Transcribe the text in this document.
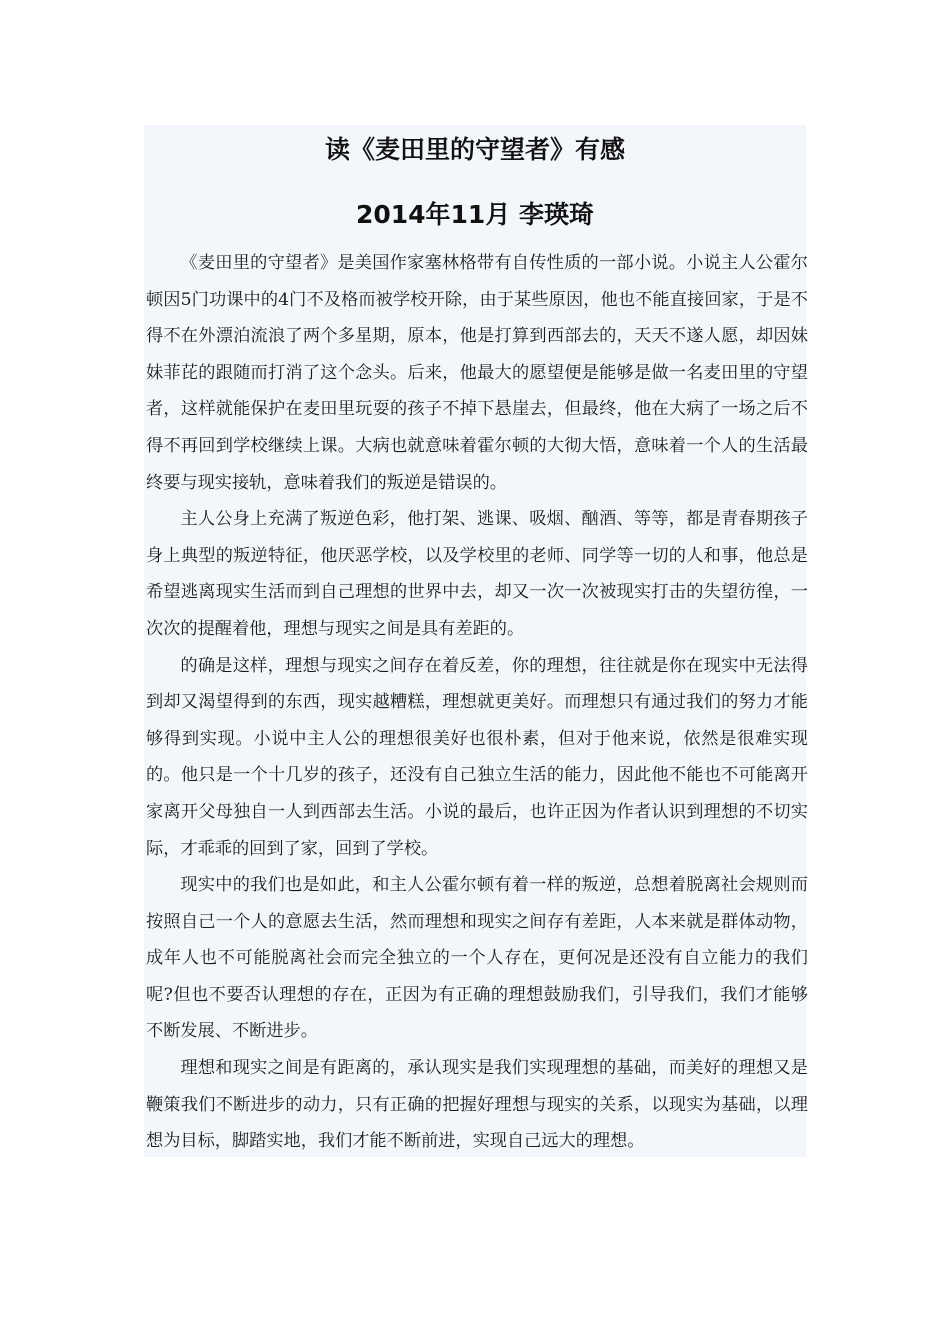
读《麦田里的守望者》有感
2014年11月 李瑛琦

《麦田里的守望者》是美国作家塞林格带有自传性质的一部小说。小说主人公霍尔顿因5门功课中的4门不及格而被学校开除，由于某些原因，他也不能直接回家，于是不得不在外漂泊流浪了两个多星期，原本，他是打算到西部去的，天天不遂人愿，却因妹妹菲芘的跟随而打消了这个念头。后来，他最大的愿望便是能够是做一名麦田里的守望者，这样就能保护在麦田里玩耍的孩子不掉下悬崖去，但最终，他在大病了一场之后不得不再回到学校继续上课。大病也就意味着霍尔顿的大彻大悟，意味着一个人的生活最终要与现实接轨，意味着我们的叛逆是错误的。

主人公身上充满了叛逆色彩，他打架、逃课、吸烟、酗酒、等等，都是青春期孩子身上典型的叛逆特征，他厌恶学校，以及学校里的老师、同学等一切的人和事，他总是希望逃离现实生活而到自己理想的世界中去，却又一次一次被现实打击的失望彷徨，一次次的提醒着他，理想与现实之间是具有差距的。

的确是这样，理想与现实之间存在着反差，你的理想，往往就是你在现实中无法得到却又渴望得到的东西，现实越糟糕，理想就更美好。而理想只有通过我们的努力才能够得到实现。小说中主人公的理想很美好也很朴素，但对于他来说，依然是很难实现的。他只是一个十几岁的孩子，还没有自己独立生活的能力，因此他不能也不可能离开家离开父母独自一人到西部去生活。小说的最后，也许正因为作者认识到理想的不切实际，才乖乖的回到了家，回到了学校。

现实中的我们也是如此，和主人公霍尔顿有着一样的叛逆，总想着脱离社会规则而按照自己一个人的意愿去生活，然而理想和现实之间存有差距，人本来就是群体动物，成年人也不可能脱离社会而完全独立的一个人存在，更何况是还没有自立能力的我们呢?但也不要否认理想的存在，正因为有正确的理想鼓励我们，引导我们，我们才能够不断发展、不断进步。

理想和现实之间是有距离的，承认现实是我们实现理想的基础，而美好的理想又是鞭策我们不断进步的动力，只有正确的把握好理想与现实的关系，以现实为基础，以理想为目标，脚踏实地，我们才能不断前进，实现自己远大的理想。
